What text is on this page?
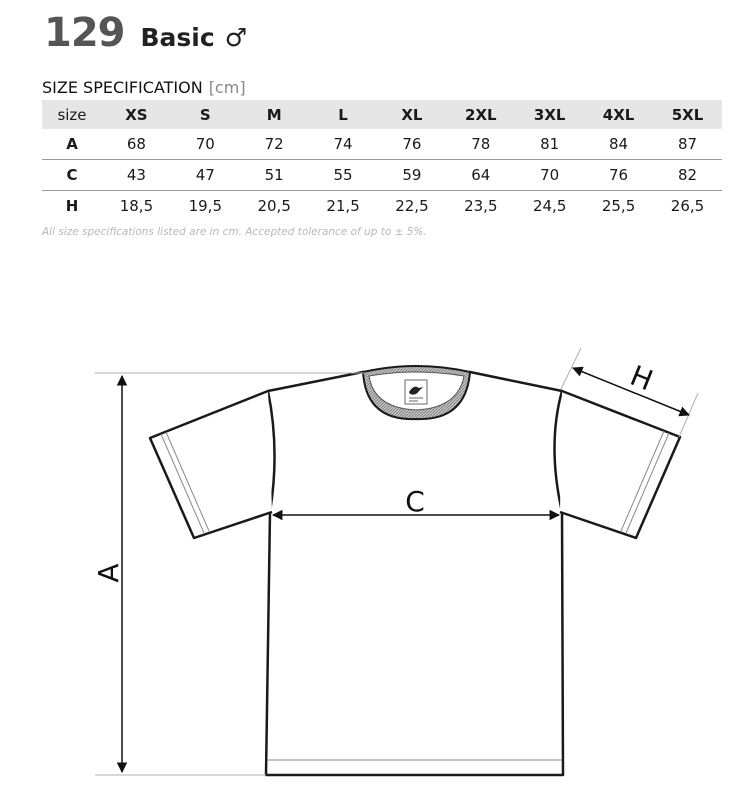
129 Basic ♂
SIZE SPECIFICATION [cm]
size	XS	S	M	L	XL	2XL	3XL	4XL	5XL
A	68	70	72	74	76	78	81	84	87
C	43	47	51	55	59	64	70	76	82
H	18,5	19,5	20,5	21,5	22,5	23,5	24,5	25,5	26,5
All size specifications listed are in cm. Accepted tolerance of up to ± 5%.
A
C
H
